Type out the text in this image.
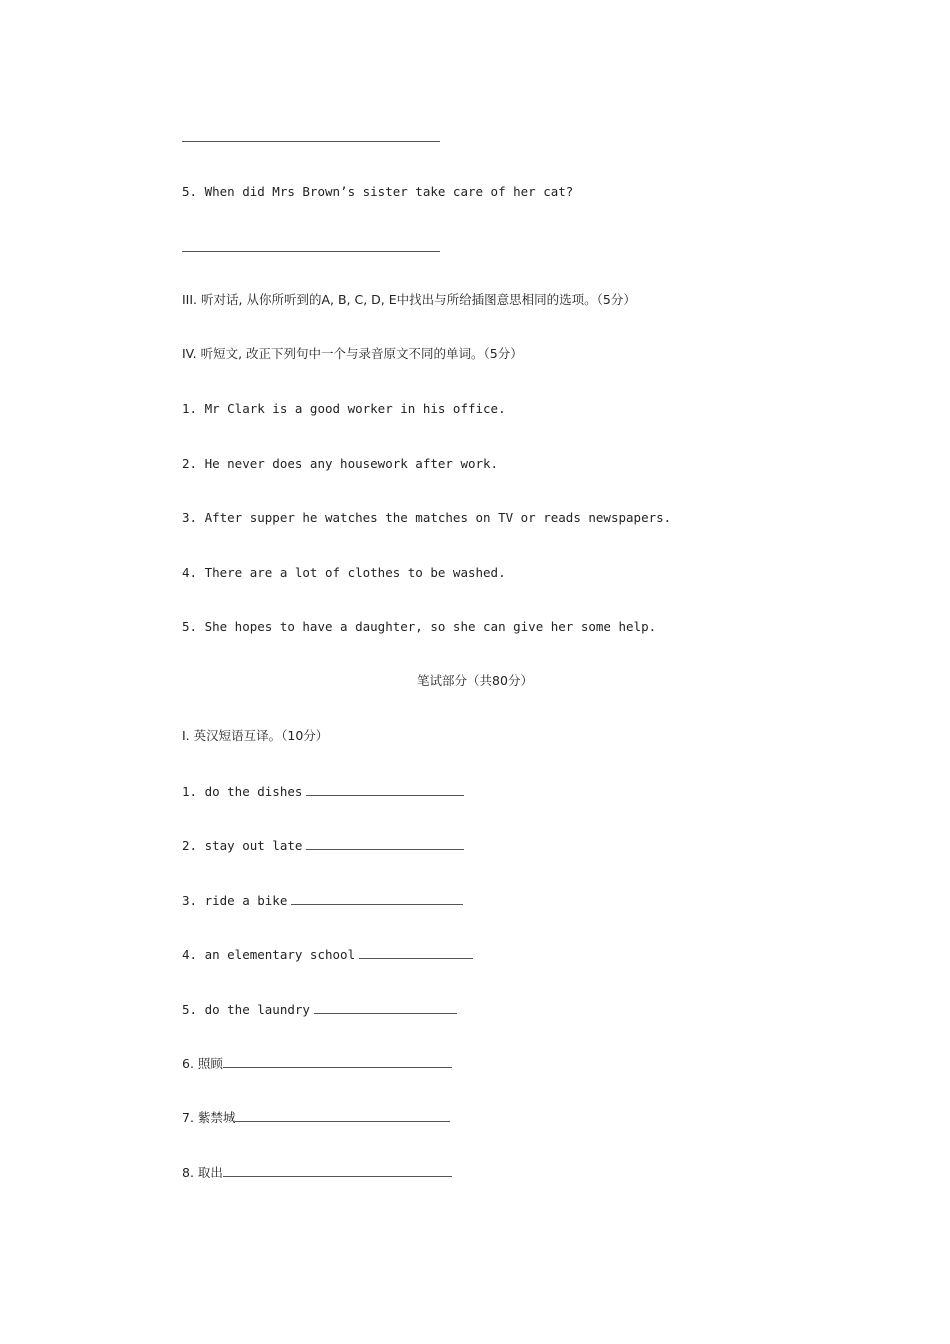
5. When did Mrs Brown’s sister take care of her cat?
III. 听对话, 从你所听到的A, B, C, D, E中找出与所给插图意思相同的选项。（5分）
IV. 听短文, 改正下列句中一个与录音原文不同的单词。（5分）
1. Mr Clark is a good worker in his office.
2. He never does any housework after work.
3. After supper he watches the matches on TV or reads newspapers.
4. There are a lot of clothes to be washed.
5. She hopes to have a daughter, so she can give her some help.
笔试部分（共80分）
I. 英汉短语互译。（10分）
1. do the dishes
2. stay out late
3. ride a bike
4. an elementary school
5. do the laundry
6. 照顾
7. 紫禁城
8. 取出
